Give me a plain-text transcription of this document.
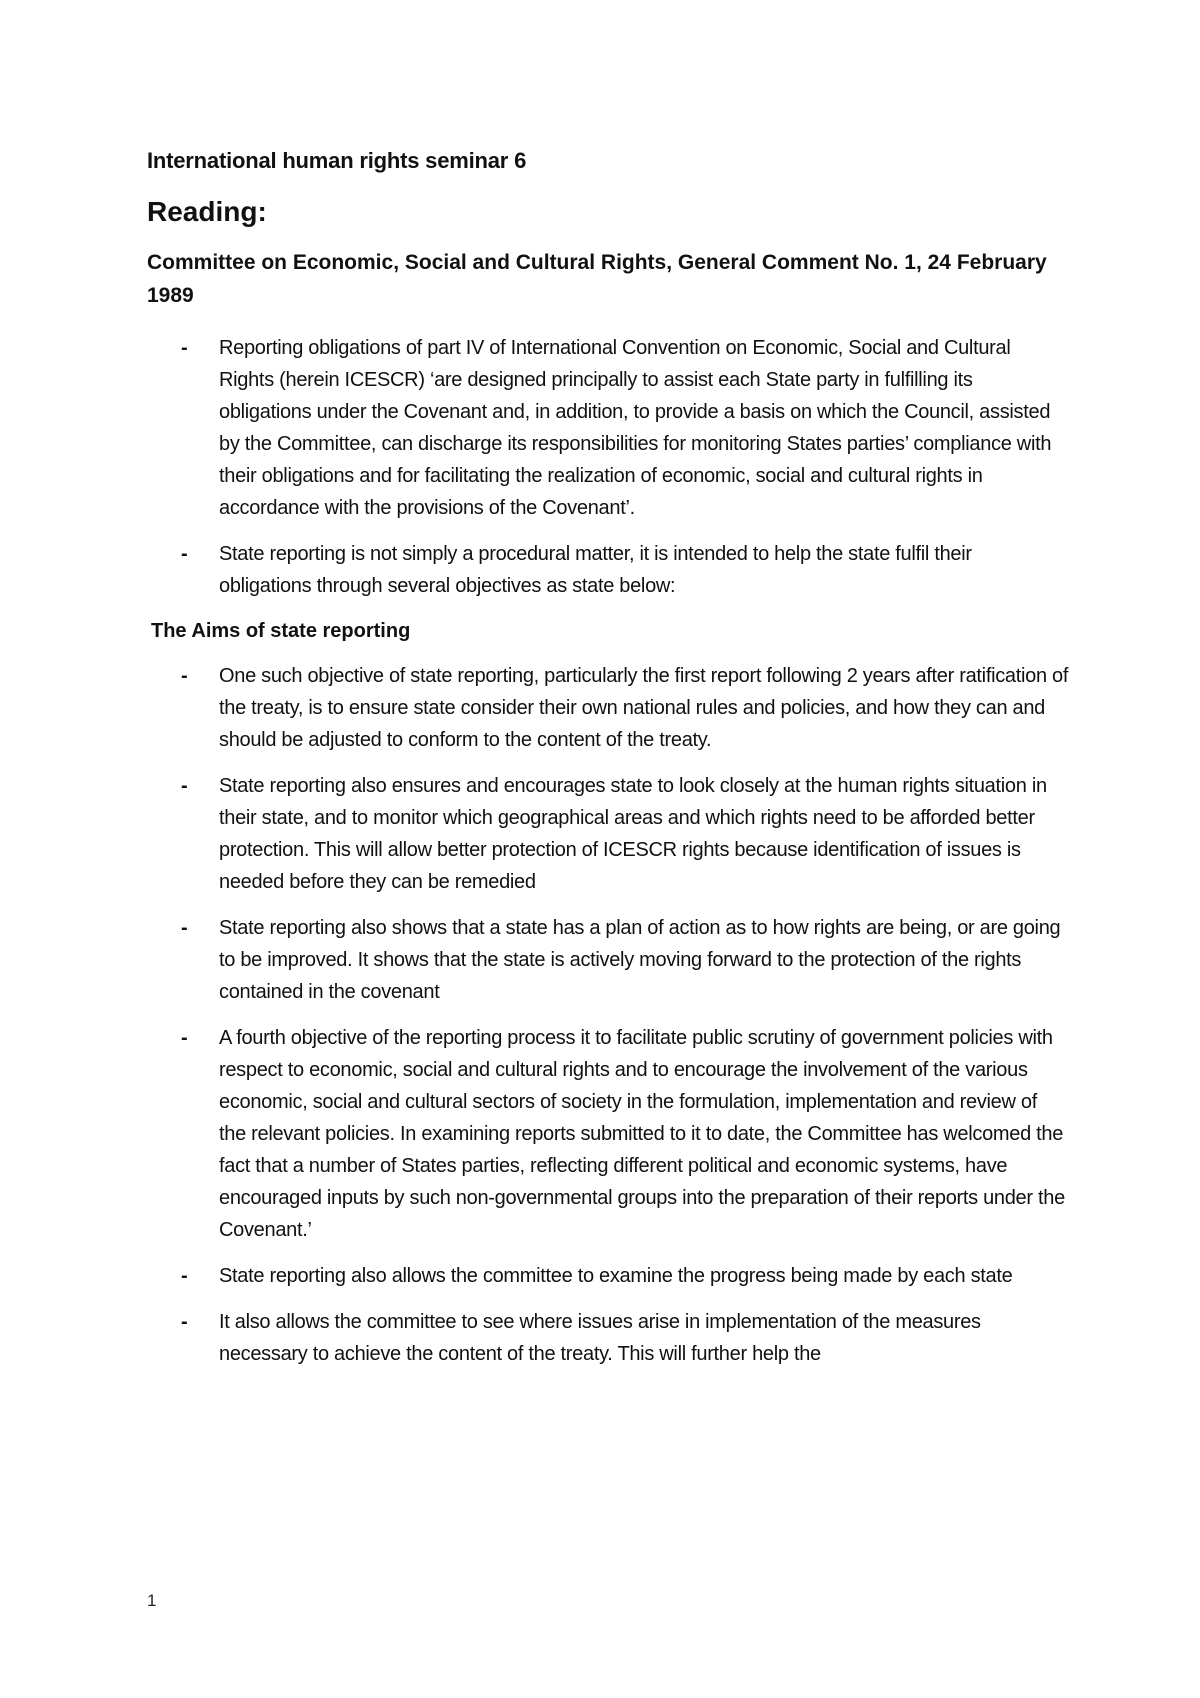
International human rights seminar 6
Reading:
Committee on Economic, Social and Cultural Rights, General Comment No. 1, 24 February 1989
- Reporting obligations of part IV of International Convention on Economic, Social and Cultural Rights (herein ICESCR) ‘are designed principally to assist each State party in fulfilling its obligations under the Covenant and, in addition, to provide a basis on which the Council, assisted by the Committee, can discharge its responsibilities for monitoring States parties’ compliance with their obligations and for facilitating the realization of economic, social and cultural rights in accordance with the provisions of the Covenant’.
- State reporting is not simply a procedural matter, it is intended to help the state fulfil their obligations through several objectives as state below:
The Aims of state reporting
- One such objective of state reporting, particularly the first report following 2 years after ratification of the treaty, is to ensure state consider their own national rules and policies, and how they can and should be adjusted to conform to the content of the treaty.
- State reporting also ensures and encourages state to look closely at the human rights situation in their state, and to monitor which geographical areas and which rights need to be afforded better protection. This will allow better protection of ICESCR rights because identification of issues is needed before they can be remedied
- State reporting also shows that a state has a plan of action as to how rights are being, or are going to be improved. It shows that the state is actively moving forward to the protection of the rights contained in the covenant
- A fourth objective of the reporting process it to facilitate public scrutiny of government policies with respect to economic, social and cultural rights and to encourage the involvement of the various economic, social and cultural sectors of society in the formulation, implementation and review of the relevant policies. In examining reports submitted to it to date, the Committee has welcomed the fact that a number of States parties, reflecting different political and economic systems, have encouraged inputs by such non-governmental groups into the preparation of their reports under the Covenant.’
- State reporting also allows the committee to examine the progress being made by each state
- It also allows the committee to see where issues arise in implementation of the measures necessary to achieve the content of the treaty. This will further help the
1
